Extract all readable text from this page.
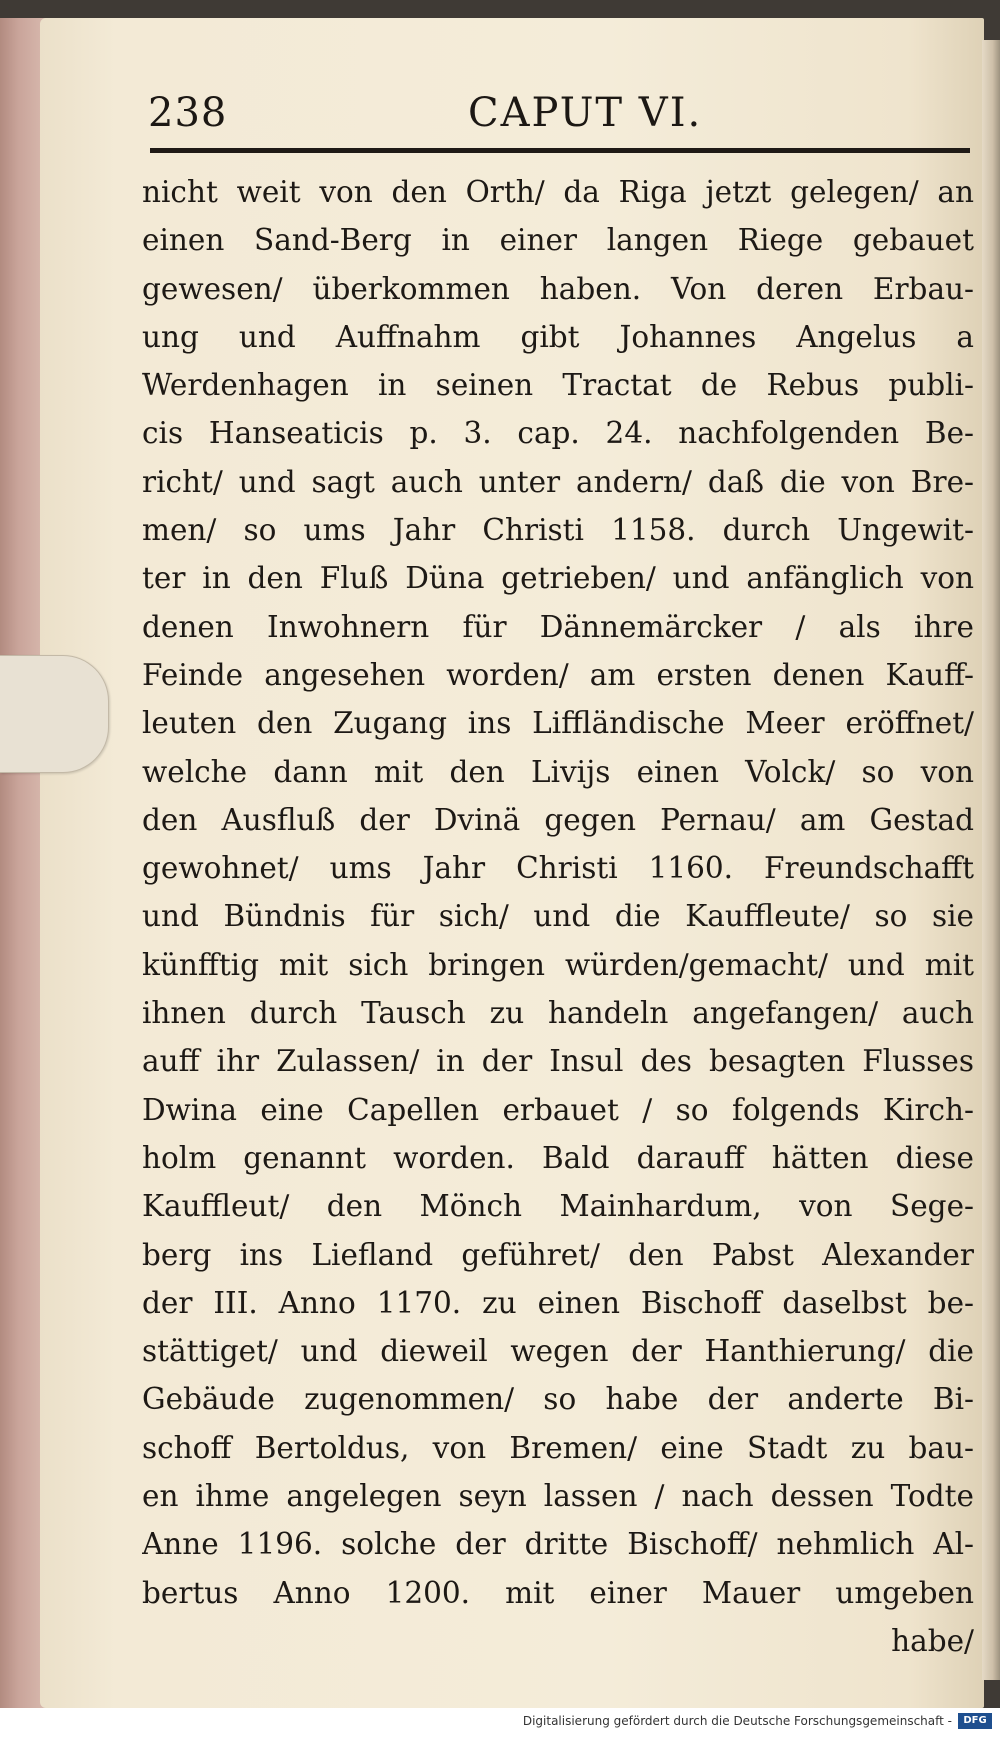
238	CAPUT VI.
nicht weit von den Orth/ da Riga jetzt gelegen/ an
einen Sand-Berg in einer langen Riege gebauet
gewesen/ überkommen haben. Von deren Erbau-
ung und Auffnahm gibt Johannes Angelus a
Werdenhagen in seinen Tractat de Rebus publi-
cis Hanseaticis p. 3. cap. 24. nachfolgenden Be-
richt/ und sagt auch unter andern/ daß die von Bre-
men/ so ums Jahr Christi 1158. durch Ungewit-
ter in den Fluß Düna getrieben/ und anfänglich von
denen Inwohnern für Dännemärcker / als ihre
Feinde angesehen worden/ am ersten denen Kauff-
leuten den Zugang ins Liffländische Meer eröffnet/
welche dann mit den Livijs einen Volck/ so von
den Ausfluß der Dvinä gegen Pernau/ am Gestad
gewohnet/ ums Jahr Christi 1160. Freundschafft
und Bündnis für sich/ und die Kauffleute/ so sie
künfftig mit sich bringen würden/gemacht/ und mit
ihnen durch Tausch zu handeln angefangen/ auch
auff ihr Zulassen/ in der Insul des besagten Flusses
Dwina eine Capellen erbauet / so folgends Kirch-
holm genannt worden. Bald darauff hätten diese
Kauffleut/ den Mönch Mainhardum, von Sege-
berg ins Liefland geführet/ den Pabst Alexander
der III. Anno 1170. zu einen Bischoff daselbst be-
stättiget/ und dieweil wegen der Hanthierung/ die
Gebäude zugenommen/ so habe der anderte Bi-
schoff Bertoldus, von Bremen/ eine Stadt zu bau-
en ihme angelegen seyn lassen / nach dessen Todte
Anne 1196. solche der dritte Bischoff/ nehmlich Al-
bertus Anno 1200. mit einer Mauer umgeben
habe/
Digitalisierung gefördert durch die Deutsche Forschungsgemeinschaft -	DFG
